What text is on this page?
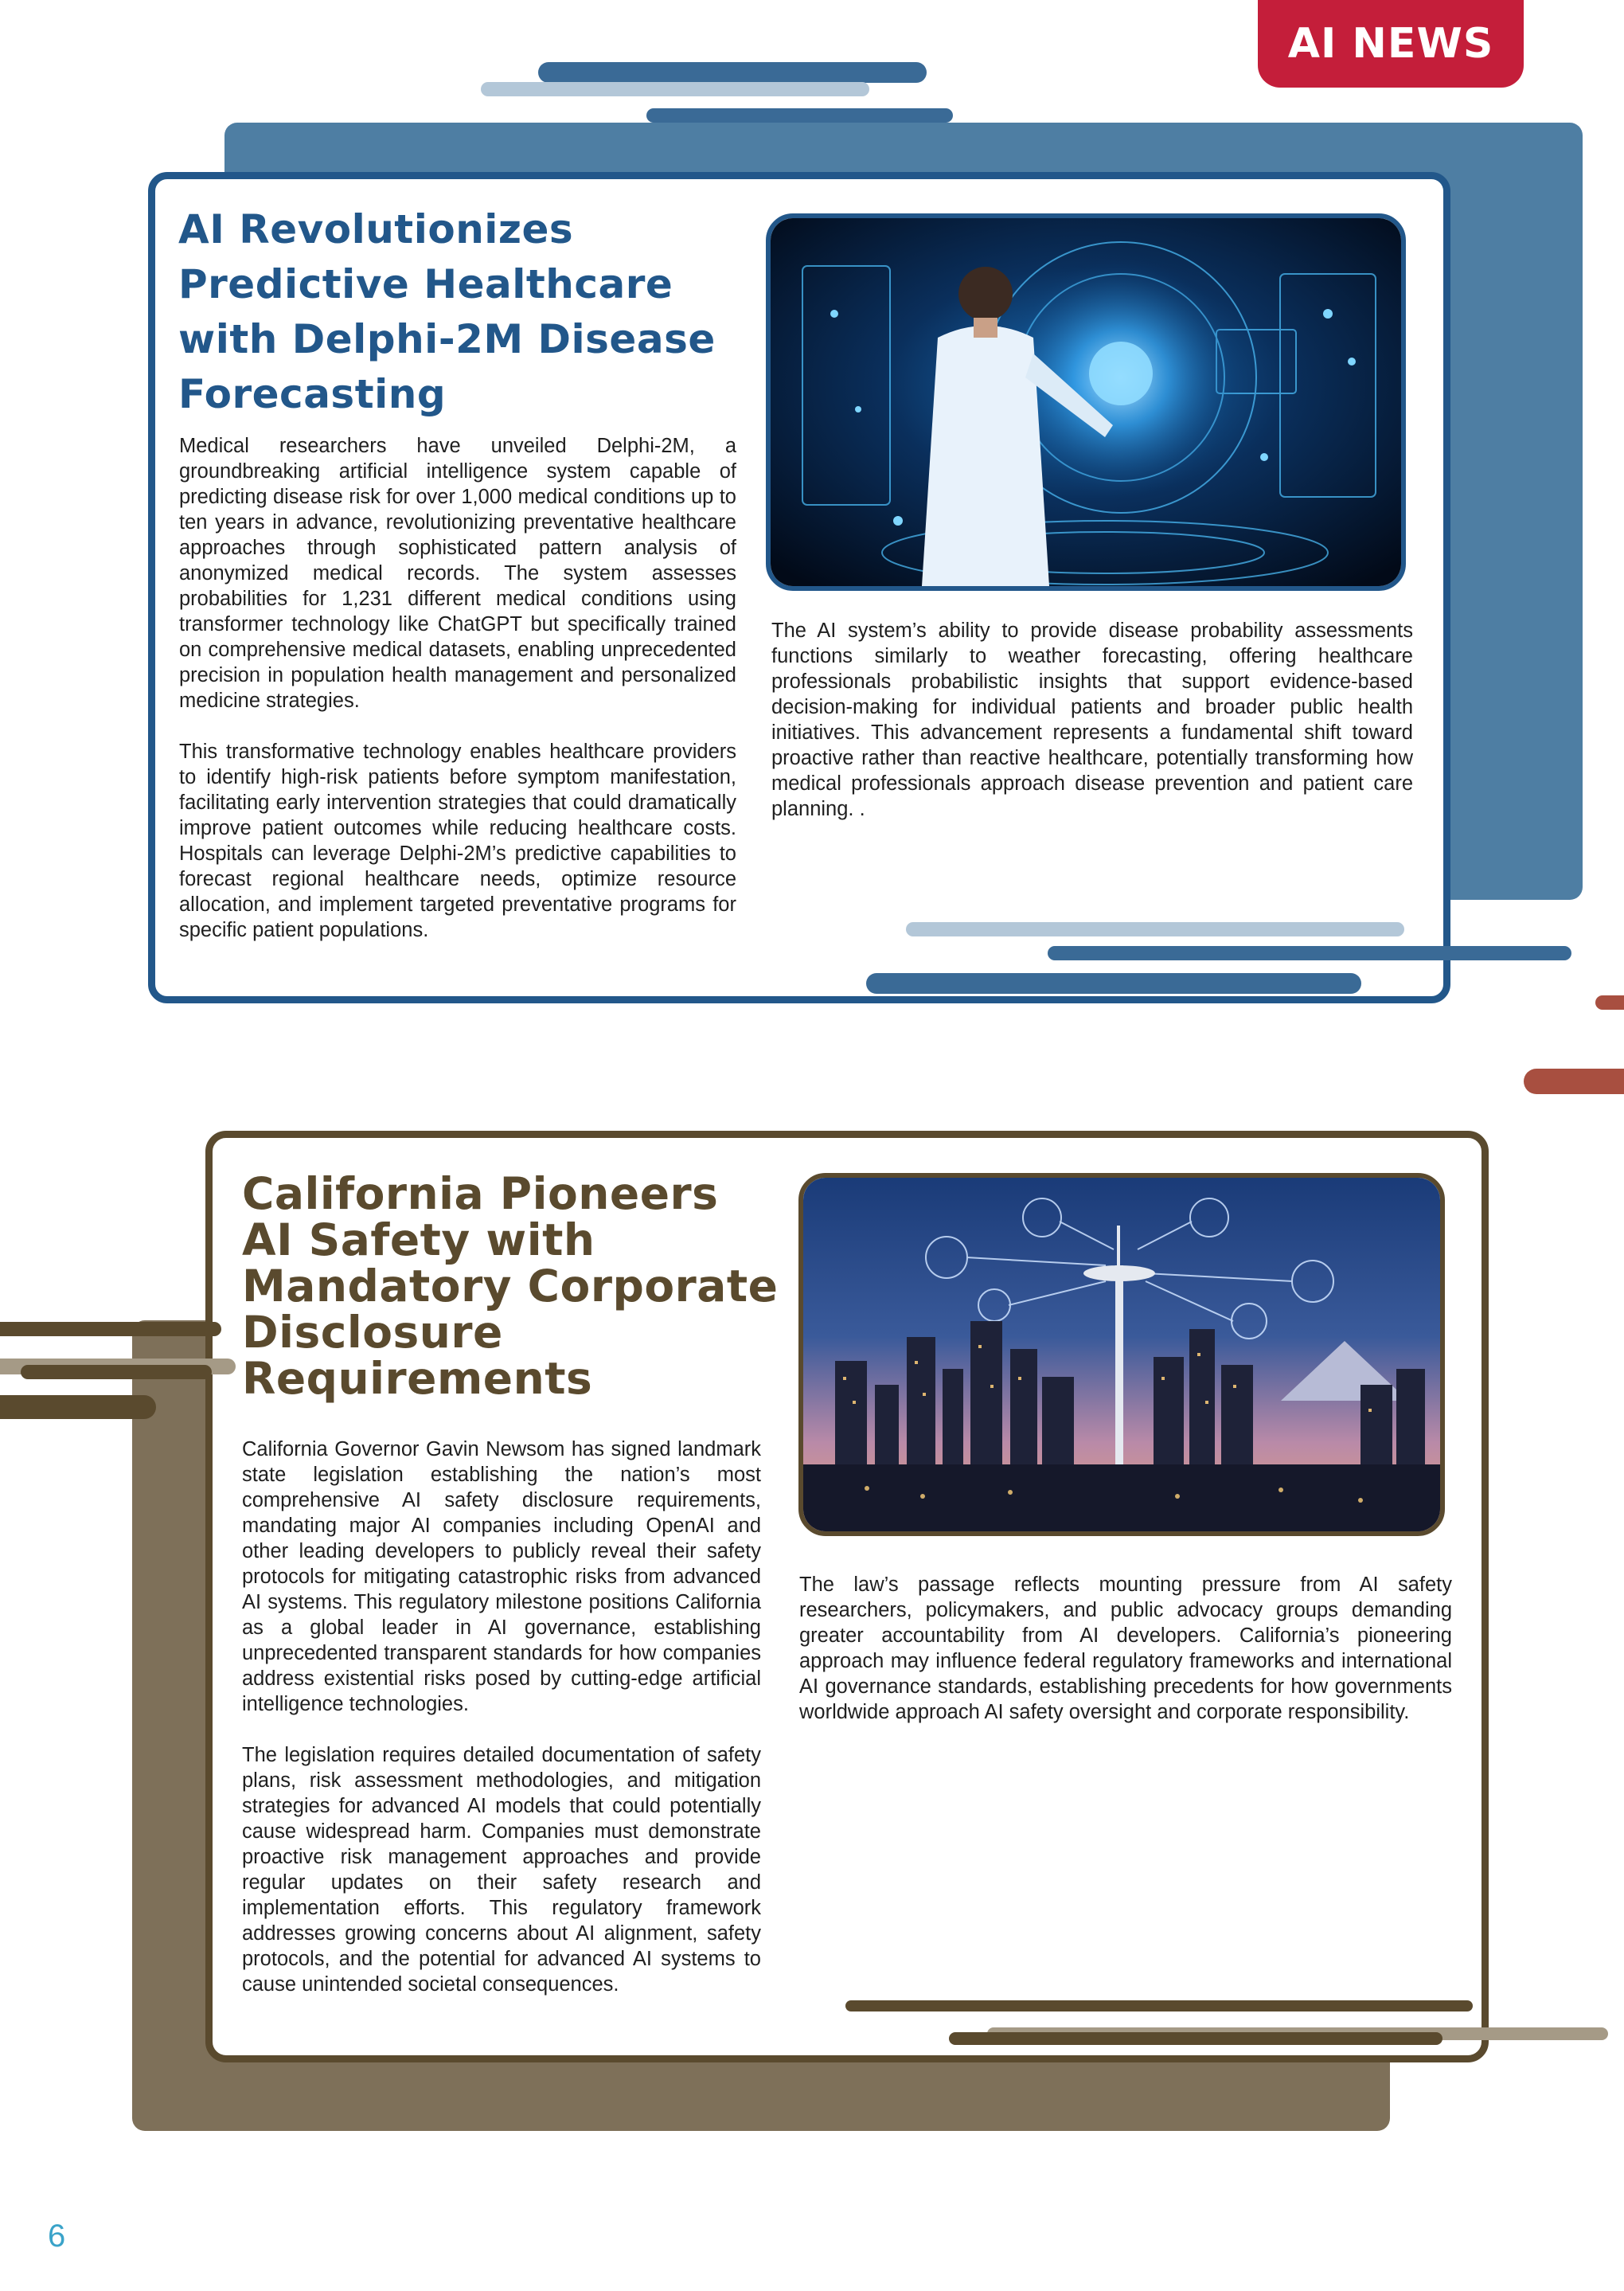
AI NEWS
AI Revolutionizes Predictive Healthcare with Delphi-2M Disease Forecasting

Medical researchers have unveiled Delphi-2M, a groundbreaking artificial intelligence system capable of predicting disease risk for over 1,000 medical conditions up to ten years in advance, revolutionizing preventative healthcare approaches through sophisticated pattern analysis of anonymized medical records. The system assesses probabilities for 1,231 different medical conditions using transformer technology like ChatGPT but specifically trained on comprehensive medical datasets, enabling unprecedented precision in population health management and personalized medicine strategies.

This transformative technology enables healthcare providers to identify high-risk patients before symptom manifestation, facilitating early intervention strategies that could dramatically improve patient outcomes while reducing healthcare costs. Hospitals can leverage Delphi-2M’s predictive capabilities to forecast regional healthcare needs, optimize resource allocation, and implement targeted preventative programs for specific patient populations.

The AI system’s ability to provide disease probability assessments functions similarly to weather forecasting, offering healthcare professionals probabilistic insights that support evidence-based decision-making for individual patients and broader public health initiatives. This advancement represents a fundamental shift toward proactive rather than reactive healthcare, potentially transforming how medical professionals approach disease prevention and patient care planning. .

California Pioneers AI Safety with Mandatory Corporate Disclosure Requirements

California Governor Gavin Newsom has signed landmark state legislation establishing the nation’s most comprehensive AI safety disclosure requirements, mandating major AI companies including OpenAI and other leading developers to publicly reveal their safety protocols for mitigating catastrophic risks from advanced AI systems. This regulatory milestone positions California as a global leader in AI governance, establishing unprecedented transparent standards for how companies address existential risks posed by cutting-edge artificial intelligence technologies.

The legislation requires detailed documentation of safety plans, risk assessment methodologies, and mitigation strategies for advanced AI models that could potentially cause widespread harm. Companies must demonstrate proactive risk management approaches and provide regular updates on their safety research and implementation efforts. This regulatory framework addresses growing concerns about AI alignment, safety protocols, and the potential for advanced AI systems to cause unintended societal consequences.

The law’s passage reflects mounting pressure from AI safety researchers, policymakers, and public advocacy groups demanding greater accountability from AI developers. California’s pioneering approach may influence federal regulatory frameworks and international AI governance standards, establishing precedents for how governments worldwide approach AI safety oversight and corporate responsibility.

6
